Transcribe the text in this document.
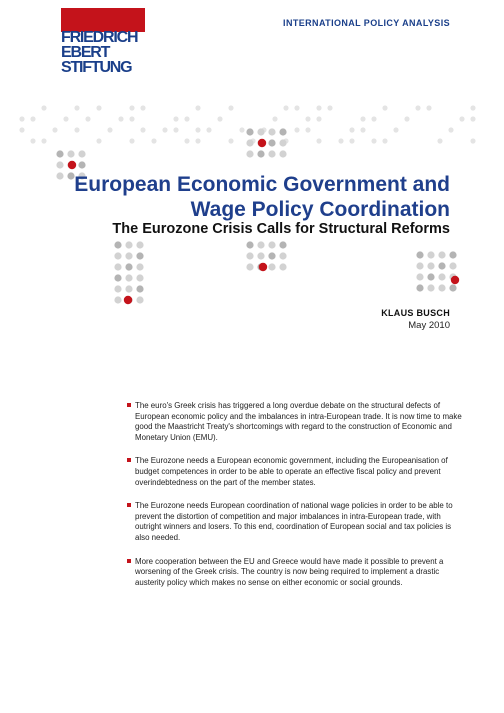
FRIEDRICH
EBERT
STIFTUNG
INTERNATIONAL POLICY ANALYSIS
European Economic Government and Wage Policy Coordination
The Eurozone Crisis Calls for Structural Reforms
KLAUS BUSCH
May 2010
The euro's Greek crisis has triggered a long overdue debate on the structural defects of European economic policy and the imbalances in intra-European trade. It is now time to make good the Maastricht Treaty's shortcomings with regard to the construction of Economic and Monetary Union (EMU).
The Eurozone needs a European economic government, including the Europeanisation of budget competences in order to be able to operate an effective fiscal policy and prevent overindebtedness on the part of the member states.
The Eurozone needs European coordination of national wage policies in order to be able to prevent the distortion of competition and major imbalances in intra-European trade, with outright winners and losers. To this end, coordination of European social and tax policies is also needed.
More cooperation between the EU and Greece would have made it possible to prevent a worsening of the Greek crisis. The country is now being required to implement a drastic austerity policy which makes no sense on either economic or social grounds.
